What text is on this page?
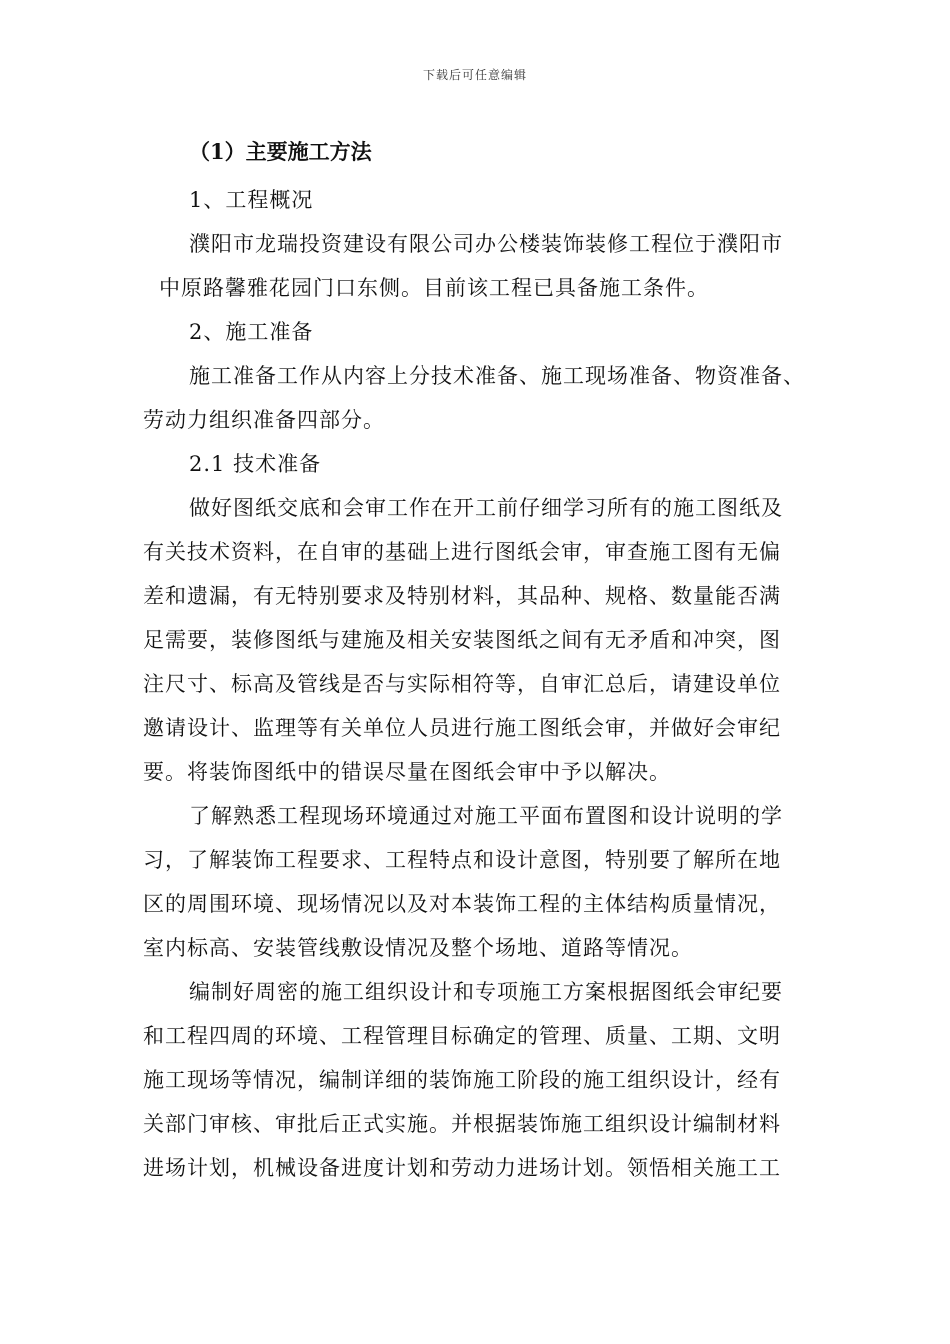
下载后可任意编辑
（1）主要施工方法
1、工程概况
濮阳市龙瑞投资建设有限公司办公楼装饰装修工程位于濮阳市
中原路馨雅花园门口东侧。目前该工程已具备施工条件。
2、施工准备
施工准备工作从内容上分技术准备、施工现场准备、物资准备、
劳动力组织准备四部分。
2.1 技术准备
做好图纸交底和会审工作在开工前仔细学习所有的施工图纸及
有关技术资料，在自审的基础上进行图纸会审，审查施工图有无偏
差和遗漏，有无特别要求及特别材料，其品种、规格、数量能否满
足需要，装修图纸与建施及相关安装图纸之间有无矛盾和冲突，图
注尺寸、标高及管线是否与实际相符等，自审汇总后，请建设单位
邀请设计、监理等有关单位人员进行施工图纸会审，并做好会审纪
要。将装饰图纸中的错误尽量在图纸会审中予以解决。
了解熟悉工程现场环境通过对施工平面布置图和设计说明的学
习，了解装饰工程要求、工程特点和设计意图，特别要了解所在地
区的周围环境、现场情况以及对本装饰工程的主体结构质量情况，
室内标高、安装管线敷设情况及整个场地、道路等情况。
编制好周密的施工组织设计和专项施工方案根据图纸会审纪要
和工程四周的环境、工程管理目标确定的管理、质量、工期、文明
施工现场等情况，编制详细的装饰施工阶段的施工组织设计，经有
关部门审核、审批后正式实施。并根据装饰施工组织设计编制材料
进场计划，机械设备进度计划和劳动力进场计划。领悟相关施工工
